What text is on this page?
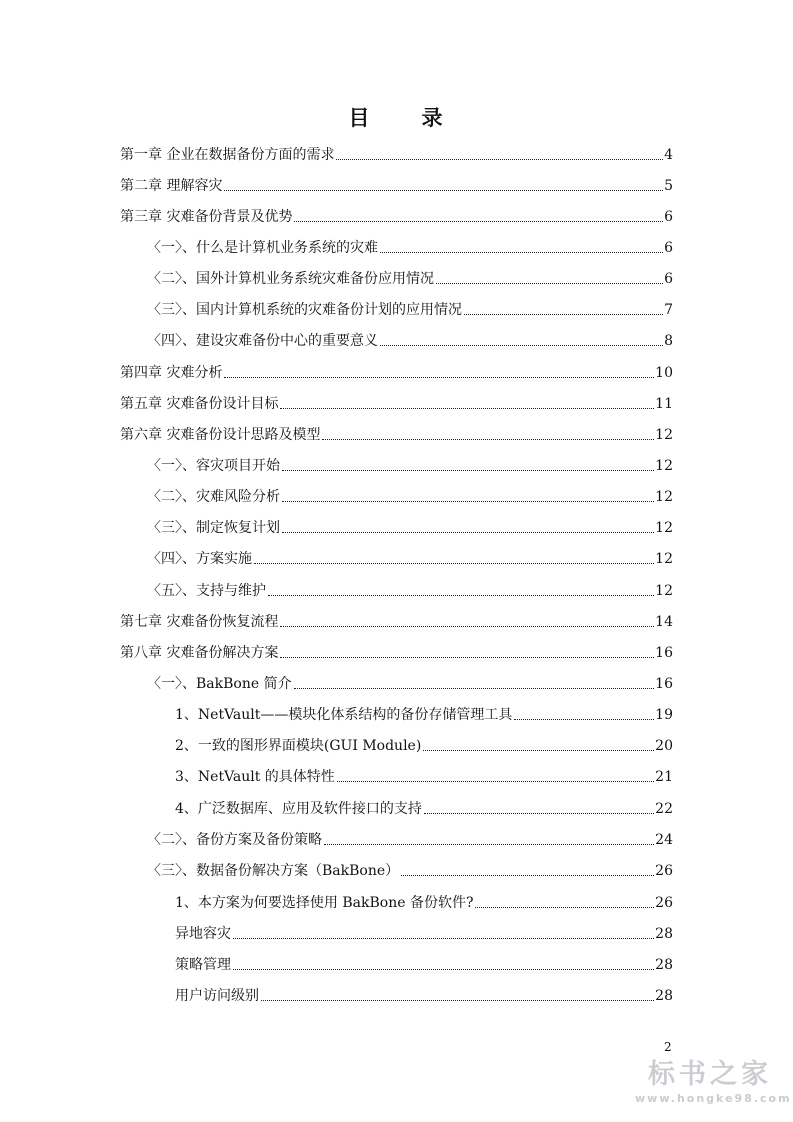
目 录
第一章 企业在数据备份方面的需求	4
第二章 理解容灾	5
第三章 灾难备份背景及优势	6
〈一〉、什么是计算机业务系统的灾难	6
〈二〉、国外计算机业务系统灾难备份应用情况	6
〈三〉、国内计算机系统的灾难备份计划的应用情况	7
〈四〉、建设灾难备份中心的重要意义	8
第四章 灾难分析	10
第五章 灾难备份设计目标	11
第六章 灾难备份设计思路及模型	12
〈一〉、容灾项目开始	12
〈二〉、灾难风险分析	12
〈三〉、制定恢复计划	12
〈四〉、方案实施	12
〈五〉、支持与维护	12
第七章 灾难备份恢复流程	14
第八章 灾难备份解决方案	16
〈一〉、BakBone 简介	16
1、NetVault——模块化体系结构的备份存储管理工具	19
2、一致的图形界面模块(GUI Module)	20
3、NetVault 的具体特性	21
4、广泛数据库、应用及软件接口的支持	22
〈二〉、备份方案及备份策略	24
〈三〉、数据备份解决方案（BakBone）	26
1、本方案为何要选择使用 BakBone 备份软件?	26
异地容灾	28
策略管理	28
用户访问级别	28
2
标书之家
www.hongke98.com
